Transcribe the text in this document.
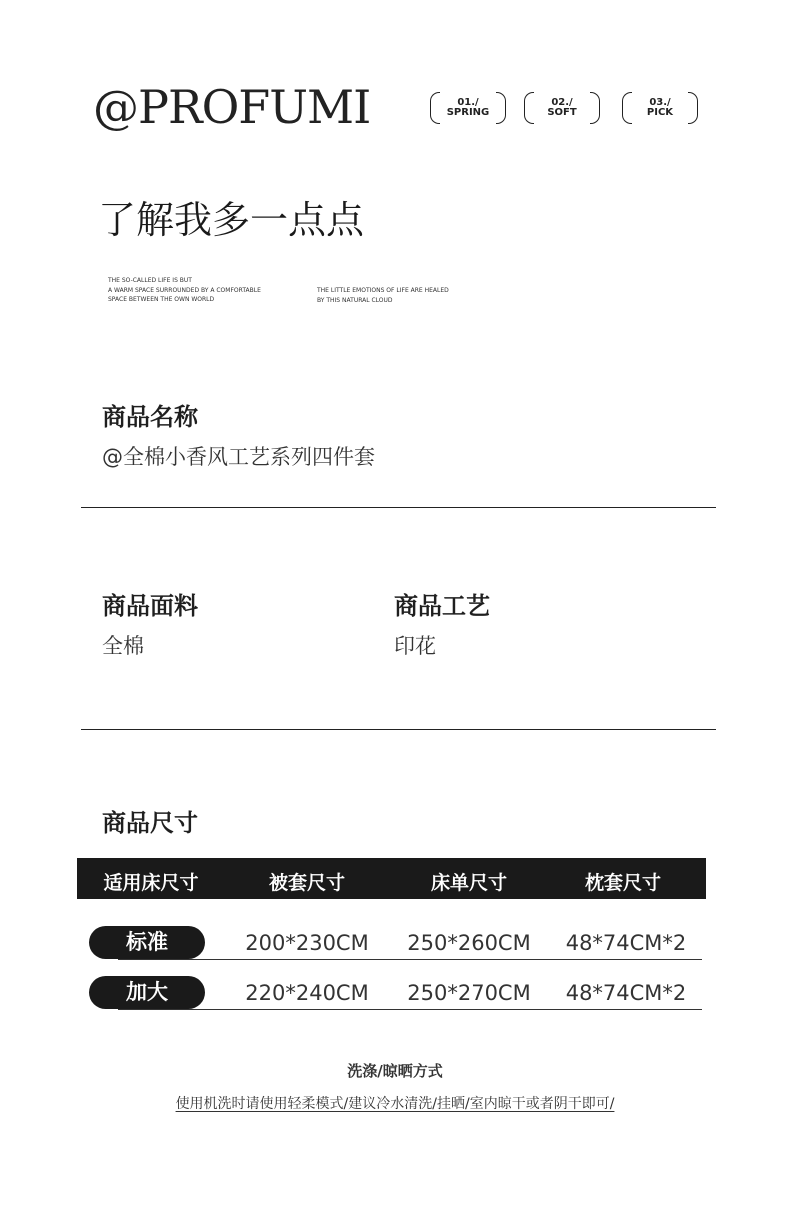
@PROFUMI	01./
SPRING
02./
SOFT
03./
PICK
了解我多一点点
THE SO-CALLED LIFE IS BUT
A WARM SPACE SURROUNDED BY A COMFORTABLE
SPACE BETWEEN THE OWN WORLD
THE LITTLE EMOTIONS OF LIFE ARE HEALED
BY THIS NATURAL CLOUD
商品名称
@全棉小香风工艺系列四件套
商品面料
全棉
商品工艺
印花
商品尺寸
适用床尺寸	被套尺寸	床单尺寸	枕套尺寸
标准	200*230CM	250*260CM	48*74CM*2
加大	220*240CM	250*270CM	48*74CM*2
洗涤/晾晒方式
使用机洗时请使用轻柔模式/建议冷水清洗/挂晒/室内晾干或者阴干即可/
